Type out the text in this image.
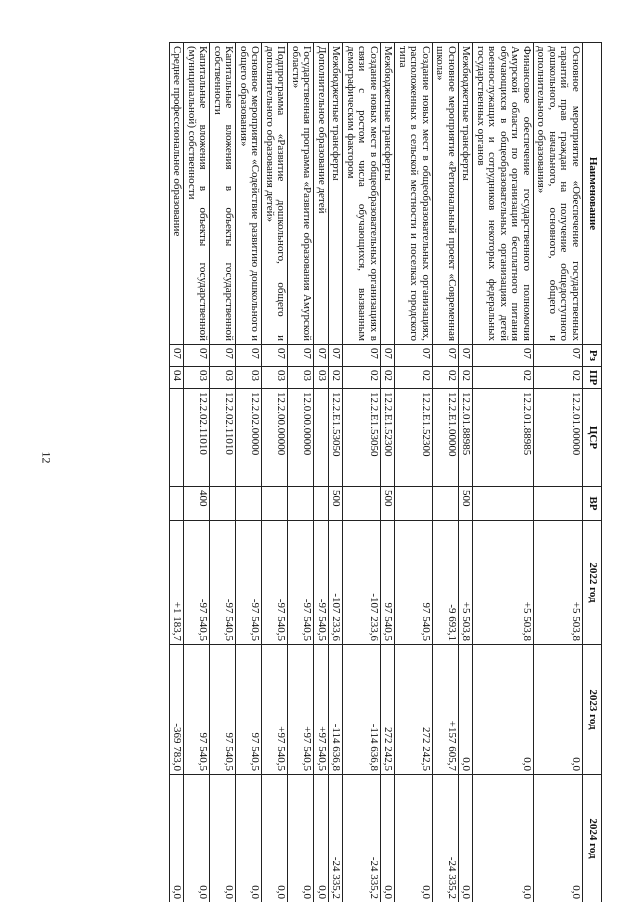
12
Наименование	Рз	ПР	ЦСР	ВР	2022 год	2023 год	2024 год
Основное мероприятие «Обеспечение государственных гарантий прав граждан на получение общедоступного дошкольного, начального, основного, общего и дополнительного образования»	07	02	12.2.01.00000		+5 503,8	0,0	0,0
Финансовое обеспечение государственного полномочия Амурской области по организации бесплатного питания обучающихся в общеобразовательных организациях детей военнослужащих и сотрудников некоторых федеральных государственных органов	07	02	12.2.01.88985		+5 503,8	0,0	0,0
Межбюджетные трансферты	07	02	12.2.01.88985	500	+5 503,8	0,0	0,0
Основное мероприятие «Региональный проект «Современная школа»	07	02	12.2.E1.00000		-9 693,1	+157 605,7	-24 335,2
Создание новых мест в общеобразовательных организациях, расположенных в сельской местности и поселках городского типа	07	02	12.2.E1.52300		97 540,5	272 242,5	0,0
Межбюджетные трансферты	07	02	12.2.E1.52300	500	97 540,5	272 242,5	0,0
Создание новых мест в общеобразовательных организациях в связи с ростом числа обучающихся, вызванным демографическим фактором	07	02	12.2.E1.53050		-107 233,6	-114 636,8	-24 335,2
Межбюджетные трансферты	07	02	12.2.E1.53050	500	-107 233,6	-114 636,8	-24 335,2
Дополнительное образование детей	07	03			-97 540,5	+97 540,5	0,0
Государственная программа «Развитие образования Амурской области»	07	03	12.0.00.00000		-97 540,5	+97 540,5	0,0
Подпрограмма «Развитие дошкольного, общего и дополнительного образования детей»	07	03	12.2.00.00000		-97 540,5	+97 540,5	0,0
Основное мероприятие «Содействие развитию дошкольного и общего образования»	07	03	12.2.02.00000		-97 540,5	97 540,5	0,0
Капитальные вложения в объекты государственной собственности	07	03	12.2.02.11010		-97 540,5	97 540,5	0,0
Капитальные вложения в объекты государственной (муниципальной) собственности	07	03	12.2.02.11010	400	-97 540,5	97 540,5	0,0
Среднее профессиональное образование	07	04			+1 183,7	-369 783,0	0,0
